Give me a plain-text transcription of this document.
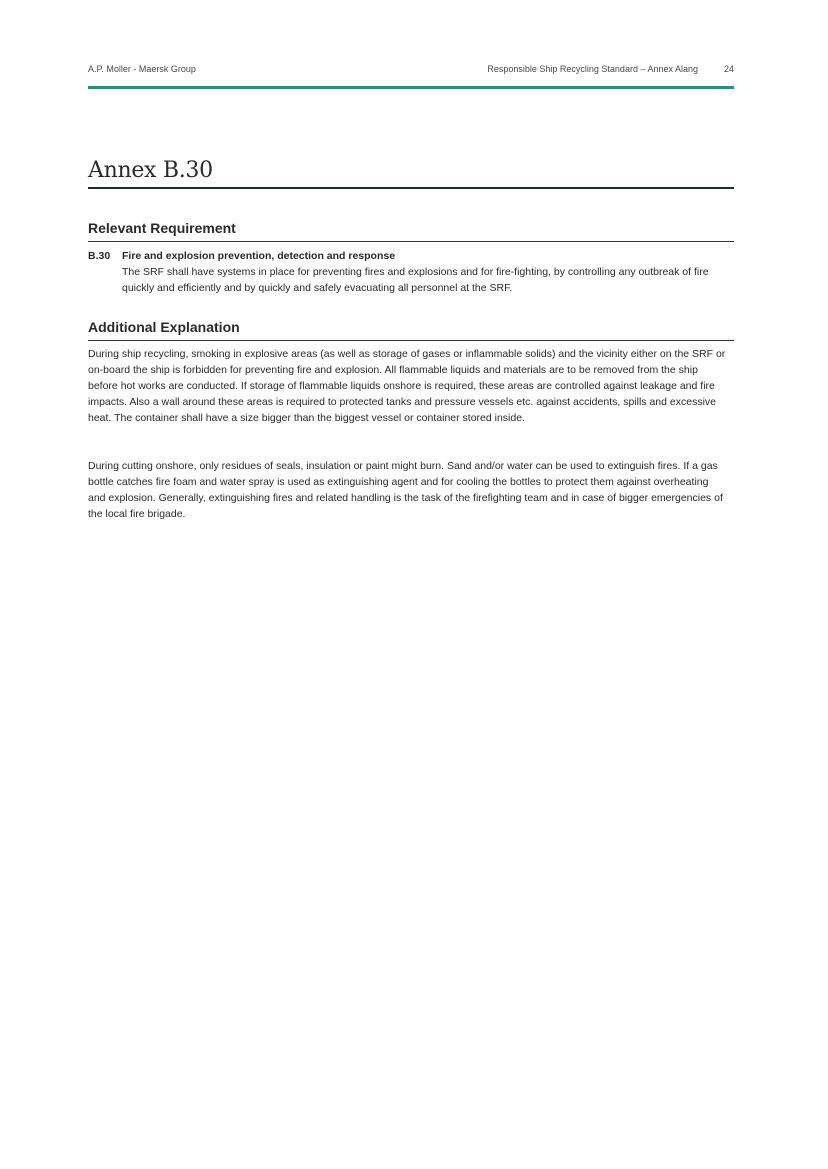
A.P. Moller - Maersk Group	Responsible Ship Recycling Standard – Annex Alang	24
Annex B.30
Relevant Requirement
B.30 Fire and explosion prevention, detection and response

The SRF shall have systems in place for preventing fires and explosions and for fire-fighting, by controlling any outbreak of fire quickly and efficiently and by quickly and safely evacuating all personnel at the SRF.

Additional Explanation

During ship recycling, smoking in explosive areas (as well as storage of gases or inflammable solids) and the vicinity either on the SRF or on-board the ship is forbidden for preventing fire and explosion. All flammable liquids and materials are to be removed from the ship before hot works are conducted. If storage of flammable liquids onshore is required, these areas are controlled against leakage and fire impacts. Also a wall around these areas is required to protected tanks and pressure vessels etc. against accidents, spills and excessive heat. The container shall have a size bigger than the biggest vessel or container stored inside.

During cutting onshore, only residues of seals, insulation or paint might burn. Sand and/or water can be used to extinguish fires. If a gas bottle catches fire foam and water spray is used as extinguishing agent and for cooling the bottles to protect them against overheating and explosion. Generally, extinguishing fires and related handling is the task of the firefighting team and in case of bigger emergencies of the local fire brigade.
